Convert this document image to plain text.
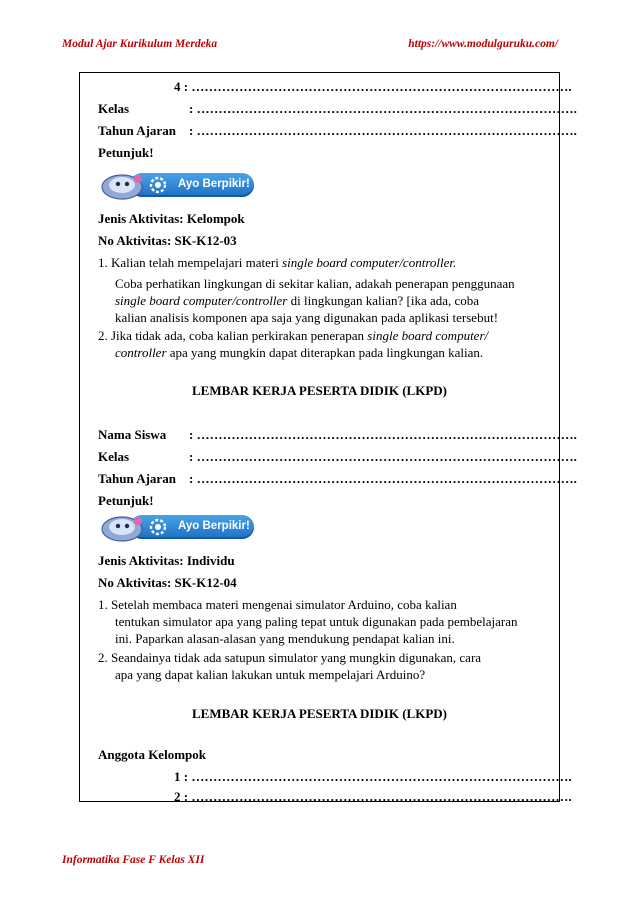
Modul Ajar Kurikulum Merdeka	https://www.modulguruku.com/
4 : …………………………………………………………………………….
Kelas	: …………………………………………………………………………….
Tahun Ajaran : …………………………………………………………………………….
Petunjuk!
Ayo Berpikir!
Jenis Aktivitas: Kelompok
No Aktivitas: SK-K12-03
1. Kalian telah mempelajari materi single board computer/controller.
Coba perhatikan lingkungan di sekitar kalian, adakah penerapan penggunaan
single board computer/controller di lingkungan kalian? [ika ada, coba
kalian analisis komponen apa saja yang digunakan pada aplikasi tersebut!
2. Jika tidak ada, coba kalian perkirakan penerapan single board computer/
controller apa yang mungkin dapat diterapkan pada lingkungan kalian.
LEMBAR KERJA PESERTA DIDIK (LKPD)
Nama Siswa : …………………………………………………………………………….
Kelas	: …………………………………………………………………………….
Tahun Ajaran : …………………………………………………………………………….
Petunjuk!
Ayo Berpikir!
Jenis Aktivitas: Individu
No Aktivitas: SK-K12-04
1. Setelah membaca materi mengenai simulator Arduino, coba kalian
tentukan simulator apa yang paling tepat untuk digunakan pada pembelajaran
ini. Paparkan alasan-alasan yang mendukung pendapat kalian ini.
2. Seandainya tidak ada satupun simulator yang mungkin digunakan, cara
apa yang dapat kalian lakukan untuk mempelajari Arduino?
LEMBAR KERJA PESERTA DIDIK (LKPD)
Anggota Kelompok
1 : …………………………………………………………………………….
2 : …………………………………………………………………………….
Informatika Fase F Kelas XII
